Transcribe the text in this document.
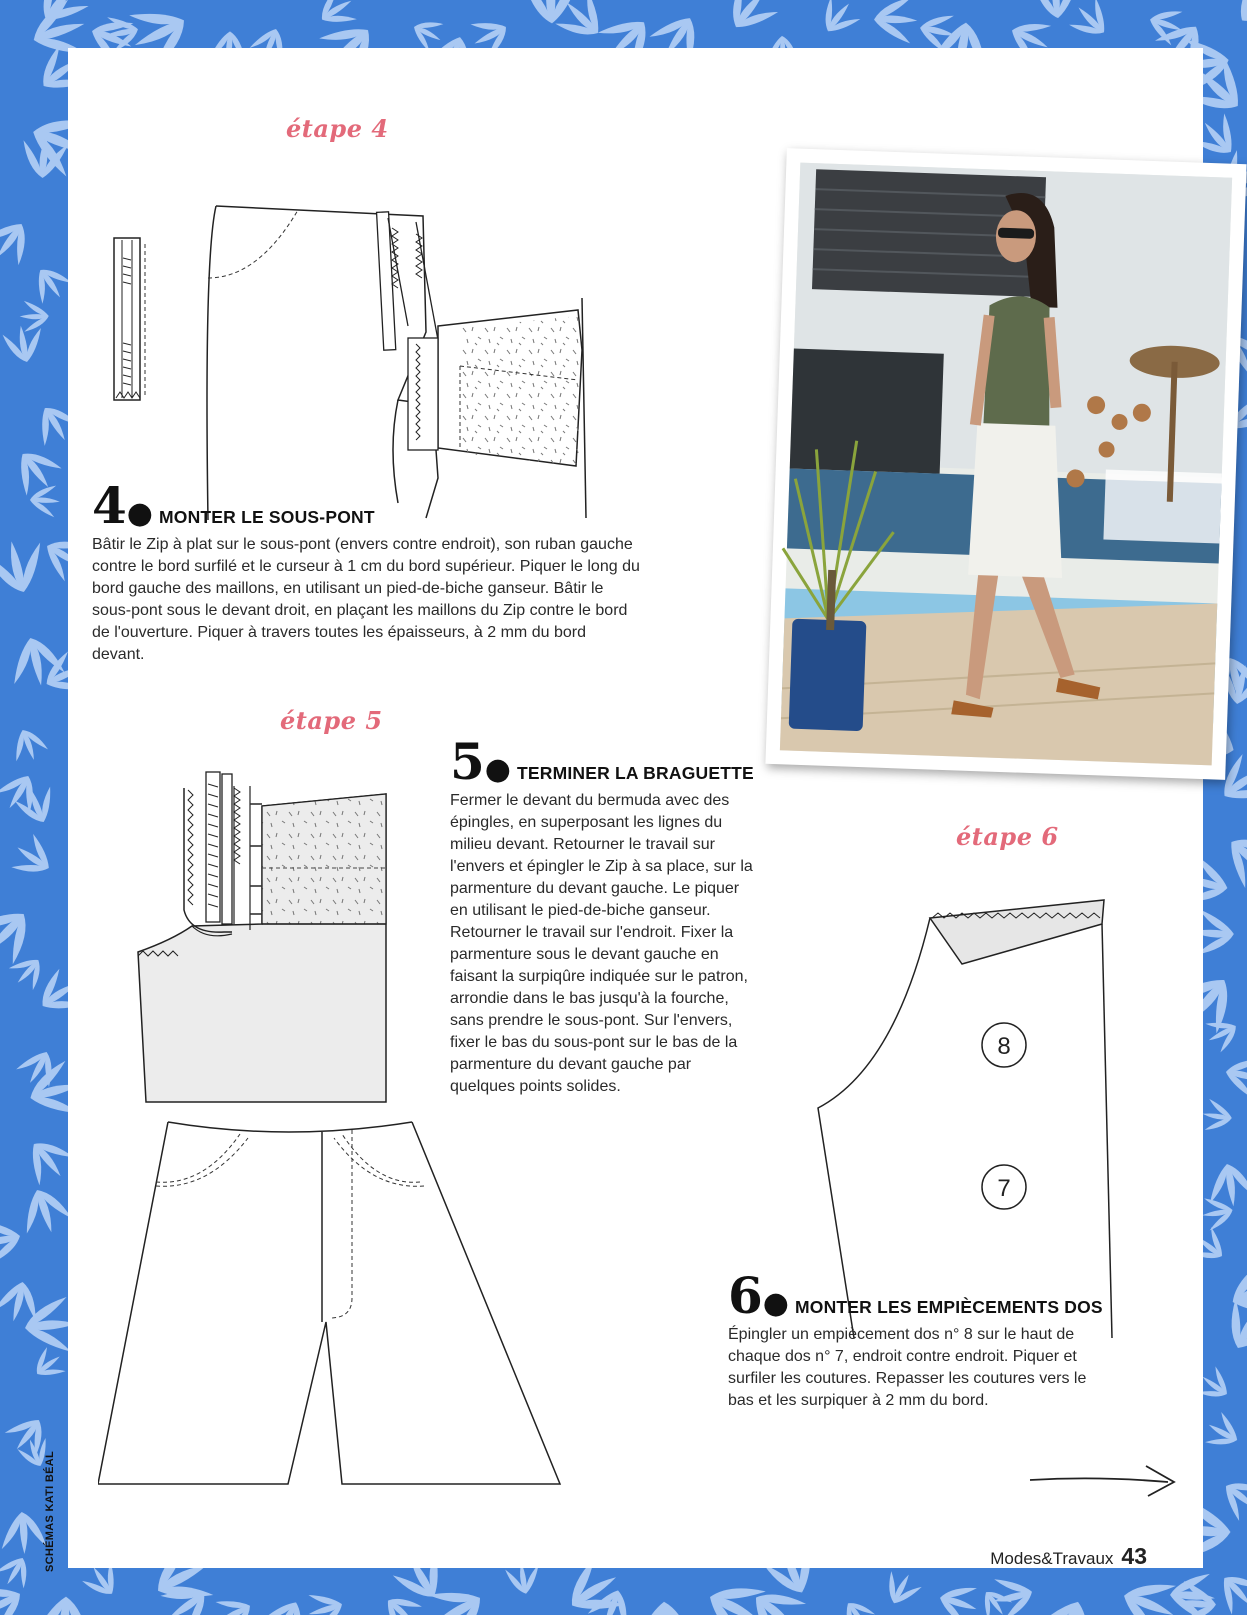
étape 4
4 ● MONTER LE SOUS-PONT
Bâtir le Zip à plat sur le sous-pont (envers contre endroit), son ruban gauche contre le bord surfilé et le curseur à 1 cm du bord supérieur. Piquer le long du bord gauche des maillons, en utilisant un pied-de-biche ganseur. Bâtir le sous-pont sous le devant droit, en plaçant les maillons du Zip contre le bord de l'ouverture. Piquer à travers toutes les épaisseurs, à 2 mm du bord devant.
étape 5
5 ● TERMINER LA BRAGUETTE
Fermer le devant du bermuda avec des épingles, en superposant les lignes du milieu devant. Retourner le travail sur l'envers et épingler le Zip à sa place, sur la parmenture du devant gauche. Le piquer en utilisant le pied-de-biche ganseur. Retourner le travail sur l'endroit. Fixer la parmenture sous le devant gauche en faisant la surpiqûre indiquée sur le patron, arrondie dans le bas jusqu'à la fourche, sans prendre le sous-pont. Sur l'envers, fixer le bas du sous-pont sur le bas de la parmenture du devant gauche par quelques points solides.
étape 6
8
7
6 ● MONTER LES EMPIÈCEMENTS DOS
Épingler un empiècement dos n° 8 sur le haut de chaque dos n° 7, endroit contre endroit. Piquer et surfiler les coutures. Repasser les coutures vers le bas et les surpiquer à 2 mm du bord.
SCHÉMAS KATI BÉAL	Modes&Travaux 43
